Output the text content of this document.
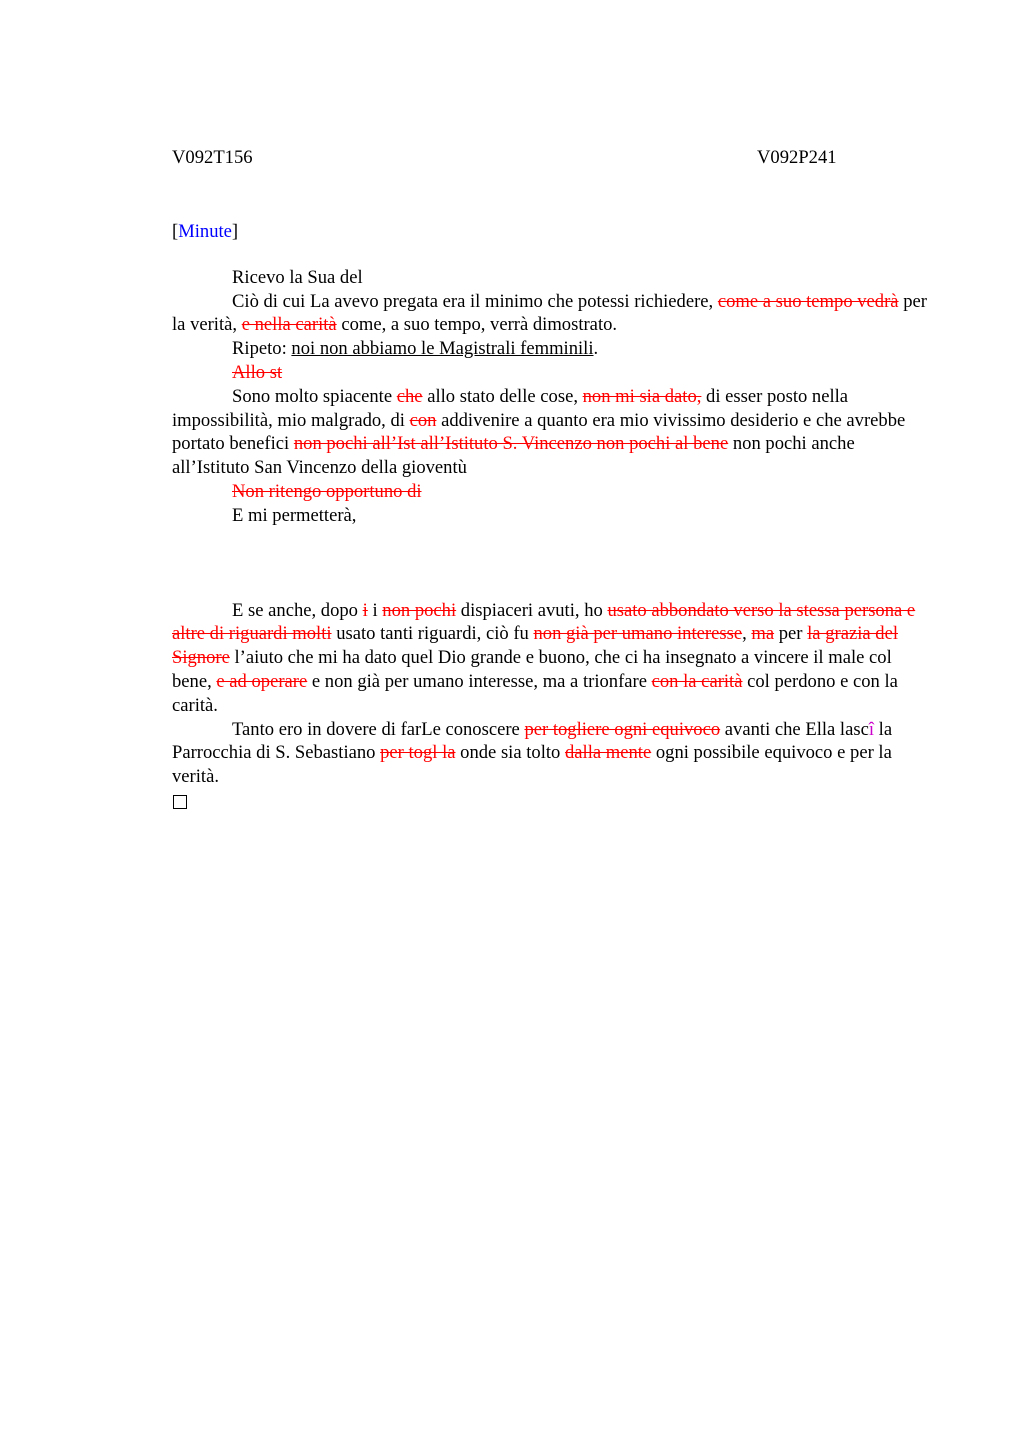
V092T156	V092P241

[Minute]

Ricevo la Sua del

Ciò di cui La avevo pregata era il minimo che potessi richiedere, come a suo tempo vedrà per la verità, e nella carità come, a suo tempo, verrà dimostrato.

Ripeto: noi non abbiamo le Magistrali femminili.

Allo st

Sono molto spiacente che allo stato delle cose, non mi sia dato, di esser posto nella impossibilità, mio malgrado, di con addivenire a quanto era mio vivissimo desiderio e che avrebbe portato benefici non pochi all’Ist all’Istituto S. Vincenzo non pochi al bene non pochi anche all’Istituto San Vincenzo della gioventù

Non ritengo opportuno di

E mi permetterà,

E se anche, dopo i i non pochi dispiaceri avuti, ho usato abbondato verso la stessa persona e altre di riguardi molti usato tanti riguardi, ciò fu non già per umano interesse, ma per la grazia del Signore l’aiuto che mi ha dato quel Dio grande e buono, che ci ha insegnato a vincere il male col bene, e ad operare e non già per umano interesse, ma a trionfare con la carità col perdono e con la carità.

Tanto ero in dovere di farLe conoscere per togliere ogni equivoco avanti che Ella lascî la Parrocchia di S. Sebastiano per togl la onde sia tolto dalla mente ogni possibile equivoco e per la verità.
